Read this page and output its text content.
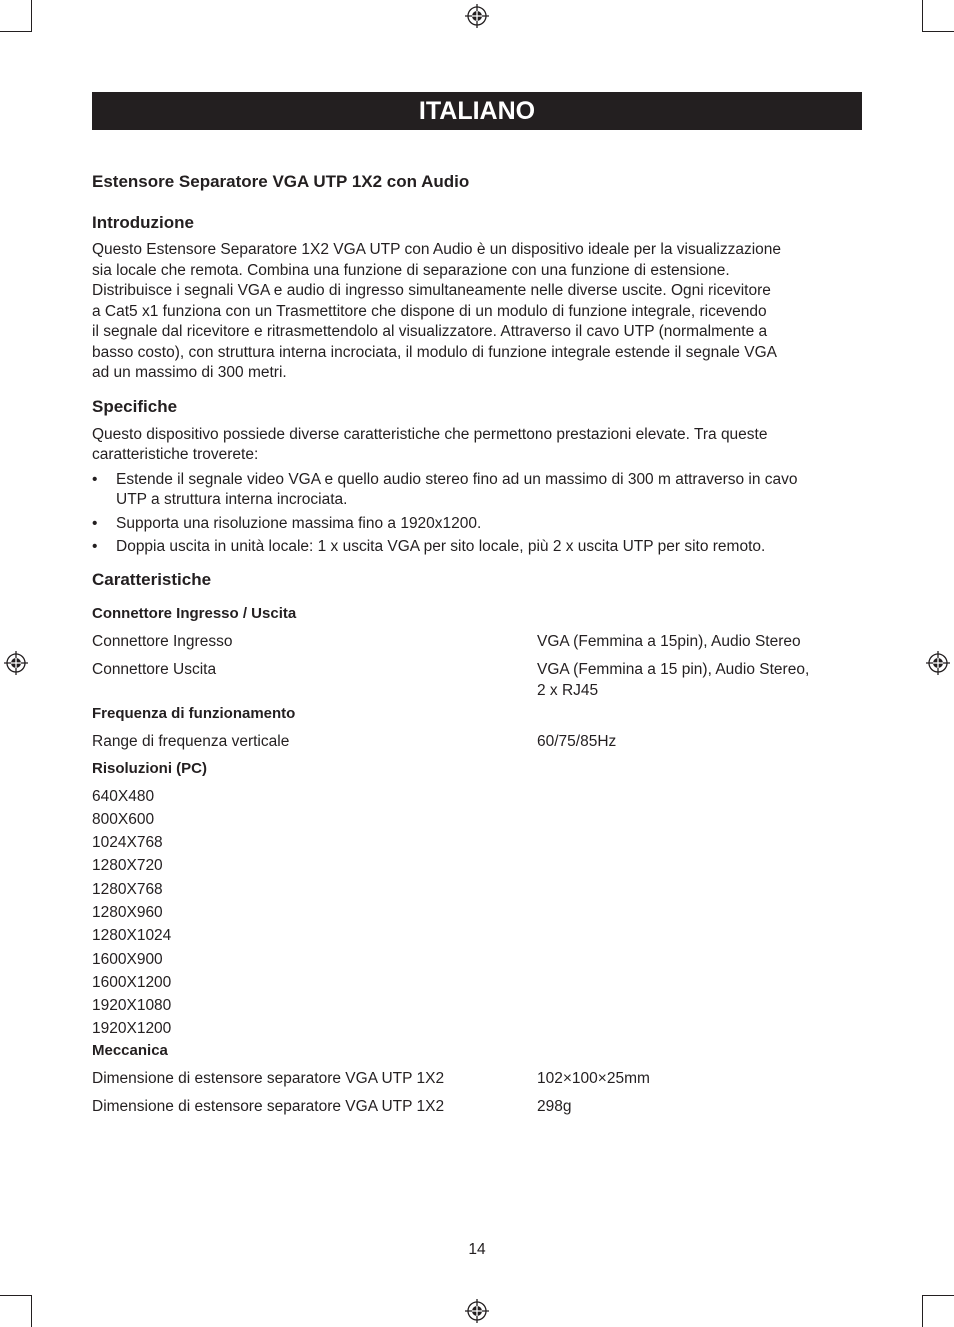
ITALIANO
Estensore Separatore VGA UTP 1X2 con Audio
Introduzione

Questo Estensore Separatore 1X2 VGA UTP con Audio è un dispositivo ideale per la visualizzazione
sia locale che remota. Combina una funzione di separazione con una funzione di estensione.
Distribuisce i segnali VGA e audio di ingresso simultaneamente nelle diverse uscite. Ogni ricevitore
a Cat5 x1 funziona con un Trasmettitore che dispone di un modulo di funzione integrale, ricevendo
il segnale dal ricevitore e ritrasmettendolo al visualizzatore. Attraverso il cavo UTP (normalmente a
basso costo), con struttura interna incrociata, il modulo di funzione integrale estende il segnale VGA
ad un massimo di 300 metri.

Specifiche

Questo dispositivo possiede diverse caratteristiche che permettono prestazioni elevate. Tra queste
caratteristiche troverete:

• Estende il segnale video VGA e quello audio stereo fino ad un massimo di 300 m attraverso in cavo
UTP a struttura interna incrociata.
• Supporta una risoluzione massima fino a 1920x1200.
• Doppia uscita in unità locale: 1 x uscita VGA per sito locale, più 2 x uscita UTP per sito remoto.
Caratteristiche
Connettore Ingresso / Uscita
Connettore Ingresso	VGA (Femmina a 15pin), Audio Stereo
Connettore Uscita	VGA (Femmina a 15 pin), Audio Stereo,
2 x RJ45
Frequenza di funzionamento
Range di frequenza verticale	60/75/85Hz
Risoluzioni (PC)
640X480
800X600
1024X768
1280X720
1280X768
1280X960
1280X1024
1600X900
1600X1200
1920X1080
1920X1200
Meccanica
Dimensione di estensore separatore VGA UTP 1X2	102×100×25mm
Dimensione di estensore separatore VGA UTP 1X2	298g
14
